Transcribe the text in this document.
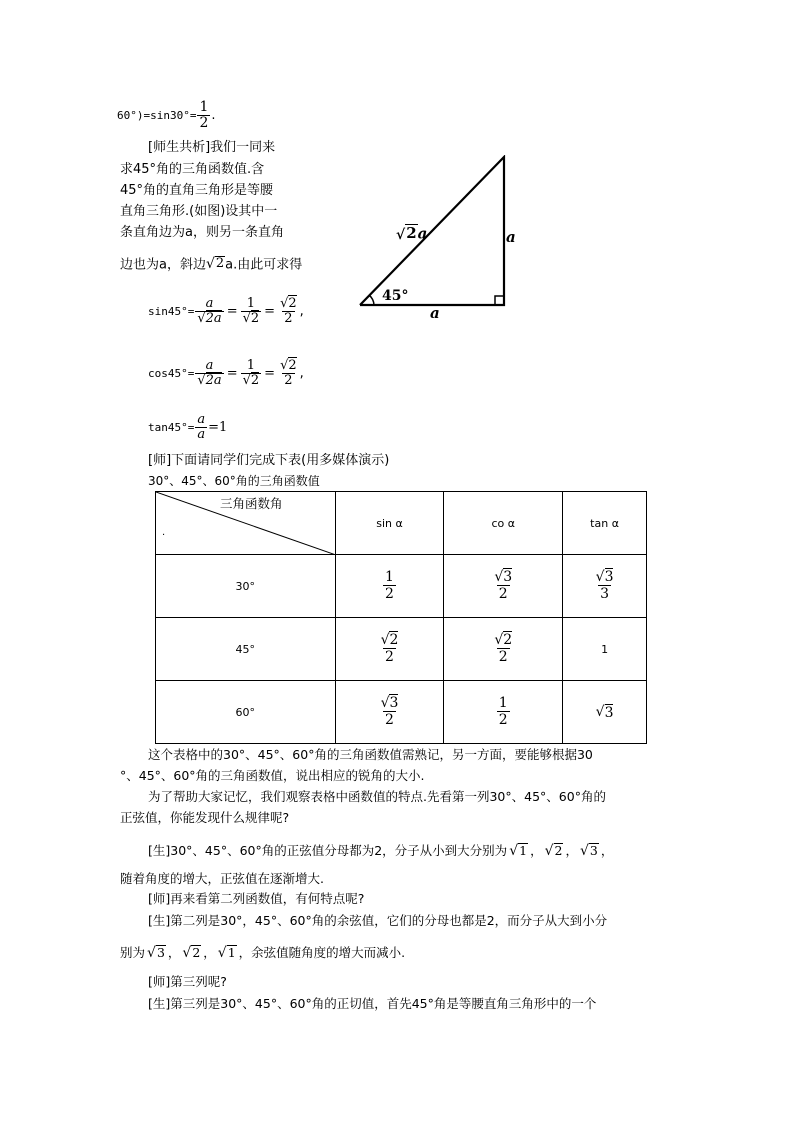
$60^\circ)=\sin 30^\circ= \frac{1}{2}$ .
[师生共析]我们一同来
求45°角的三角函数值.含
45°角的直角三角形是等腰
直角三角形.(如图)设其中一
条直角边为a，则另一条直角
边也为a，斜边 √ 2 a.由此可求得
√ 2 a	a
a
45°
$\sin 45^\circ= \frac{a}{√2a} = \frac{1}{√2} = \frac{√2}{2}$ ,
$\cos 45^\circ= \frac{a}{√2a} = \frac{1}{√2} = \frac{√2}{2}$ ,
$\tan 45^\circ= \frac{a}{a} =1$
[师]下面请同学们完成下表(用多媒体演示)
30°、45°、60°角的三角函数值
三角函数角
.	sin α	co α	tan α
30°	$\frac{1}{2}$	$\frac{√3}{2}$	$\frac{√3}{3}$

45°	$\frac{√2}{2}$	$\frac{√2}{2}$	1
60°	$\frac{√3}{2}$	$\frac{1}{2}$	√ 3
这个表格中的30°、45°、60°角的三角函数值需熟记，另一方面，要能够根据30
°、45°、60°角的三角函数值，说出相应的锐角的大小.
为了帮助大家记忆，我们观察表格中函数值的特点.先看第一列30°、45°、60°角的
正弦值，你能发现什么规律呢?
[生]30°、45°、60°角的正弦值分母都为2，分子从小到大分别为 √ 1 ， √ 2 ， √ 3 ，
随着角度的增大，正弦值在逐渐增大.
[师]再来看第二列函数值，有何特点呢?
[生]第二列是30°，45°、60°角的余弦值，它们的分母也都是2，而分子从大到小分
别为 √ 3 ， √ 2 ， √ 1 ，余弦值随角度的增大而减小.
[师]第三列呢?
[生]第三列是30°、45°、60°角的正切值，首先45°角是等腰直角三角形中的一个
